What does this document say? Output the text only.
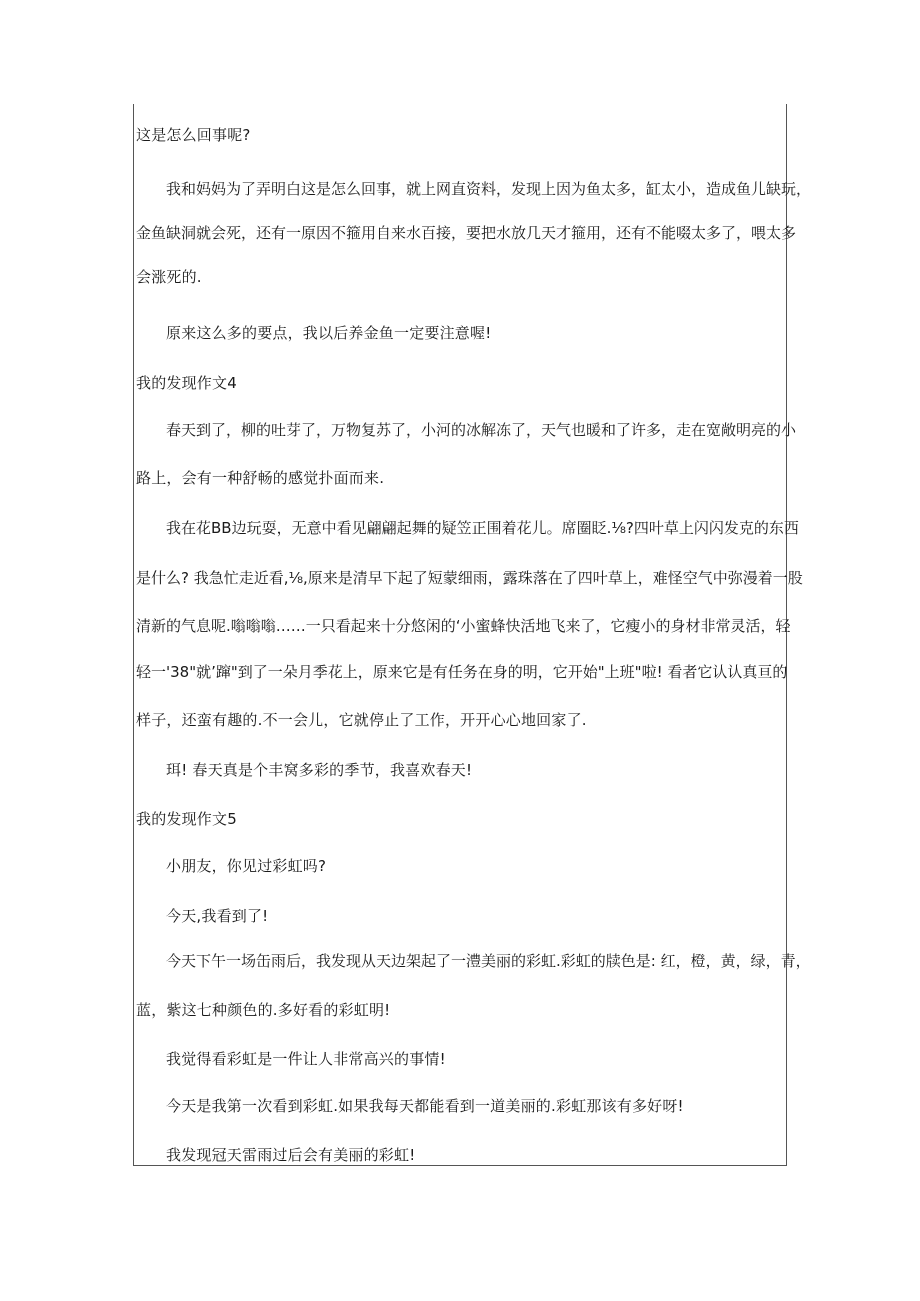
这是怎么回事呢?
我和妈妈为了弄明白这是怎么回事，就上网直资料，发现上因为鱼太多，缸太小，造成鱼儿缺玩，
金鱼缺洞就会死，还有一原因不箍用自来水百接，要把水放几天才箍用，还有不能啜太多了，喂太多
会涨死的.
原来这么多的要点，我以后养金鱼一定要注意喔!
我的发现作文4
春天到了，柳的吐芽了，万物复苏了，小河的冰解冻了，天气也暖和了许多，走在宽敞明亮的小
路上，会有一种舒畅的感觉扑面而来.
我在花BB边玩耍，无意中看见翩翩起舞的疑笠正围着花儿。席圈眨.⅛?四叶草上闪闪发克的东西
是什么? 我急忙走近看,⅛,原来是清早下起了短蒙细雨，露珠落在了四叶草上，难怪空气中弥漫着一股
清新的气息呢.嗡嗡嗡……一只看起来十分悠闲的‘小蜜蜂快活地飞来了，它瘦小的身材非常灵活，轻
轻一'38"就’蹿"到了一朵月季花上，原来它是有任务在身的明，它开始"上班"啦! 看者它认认真亘的
样子，还蛮有趣的.不一会儿，它就停止了工作，开开心心地回家了.
珥! 春天真是个丰窝多彩的季节，我喜欢春天!
我的发现作文5
小朋友，你见过彩虹吗?
今天,我看到了!
今天下午一场缶雨后，我发现从天边架起了一澧美丽的彩虹.彩虹的牍色是: 红，橙，黄，绿，青，
蓝，紫这七种颜色的.多好看的彩虹明!
我觉得看彩虹是一件让人非常高兴的事情!
今天是我第一次看到彩虹.如果我每天都能看到一道美丽的.彩虹那该有多好呀!
我发现冠天雷雨过后会有美丽的彩虹!
